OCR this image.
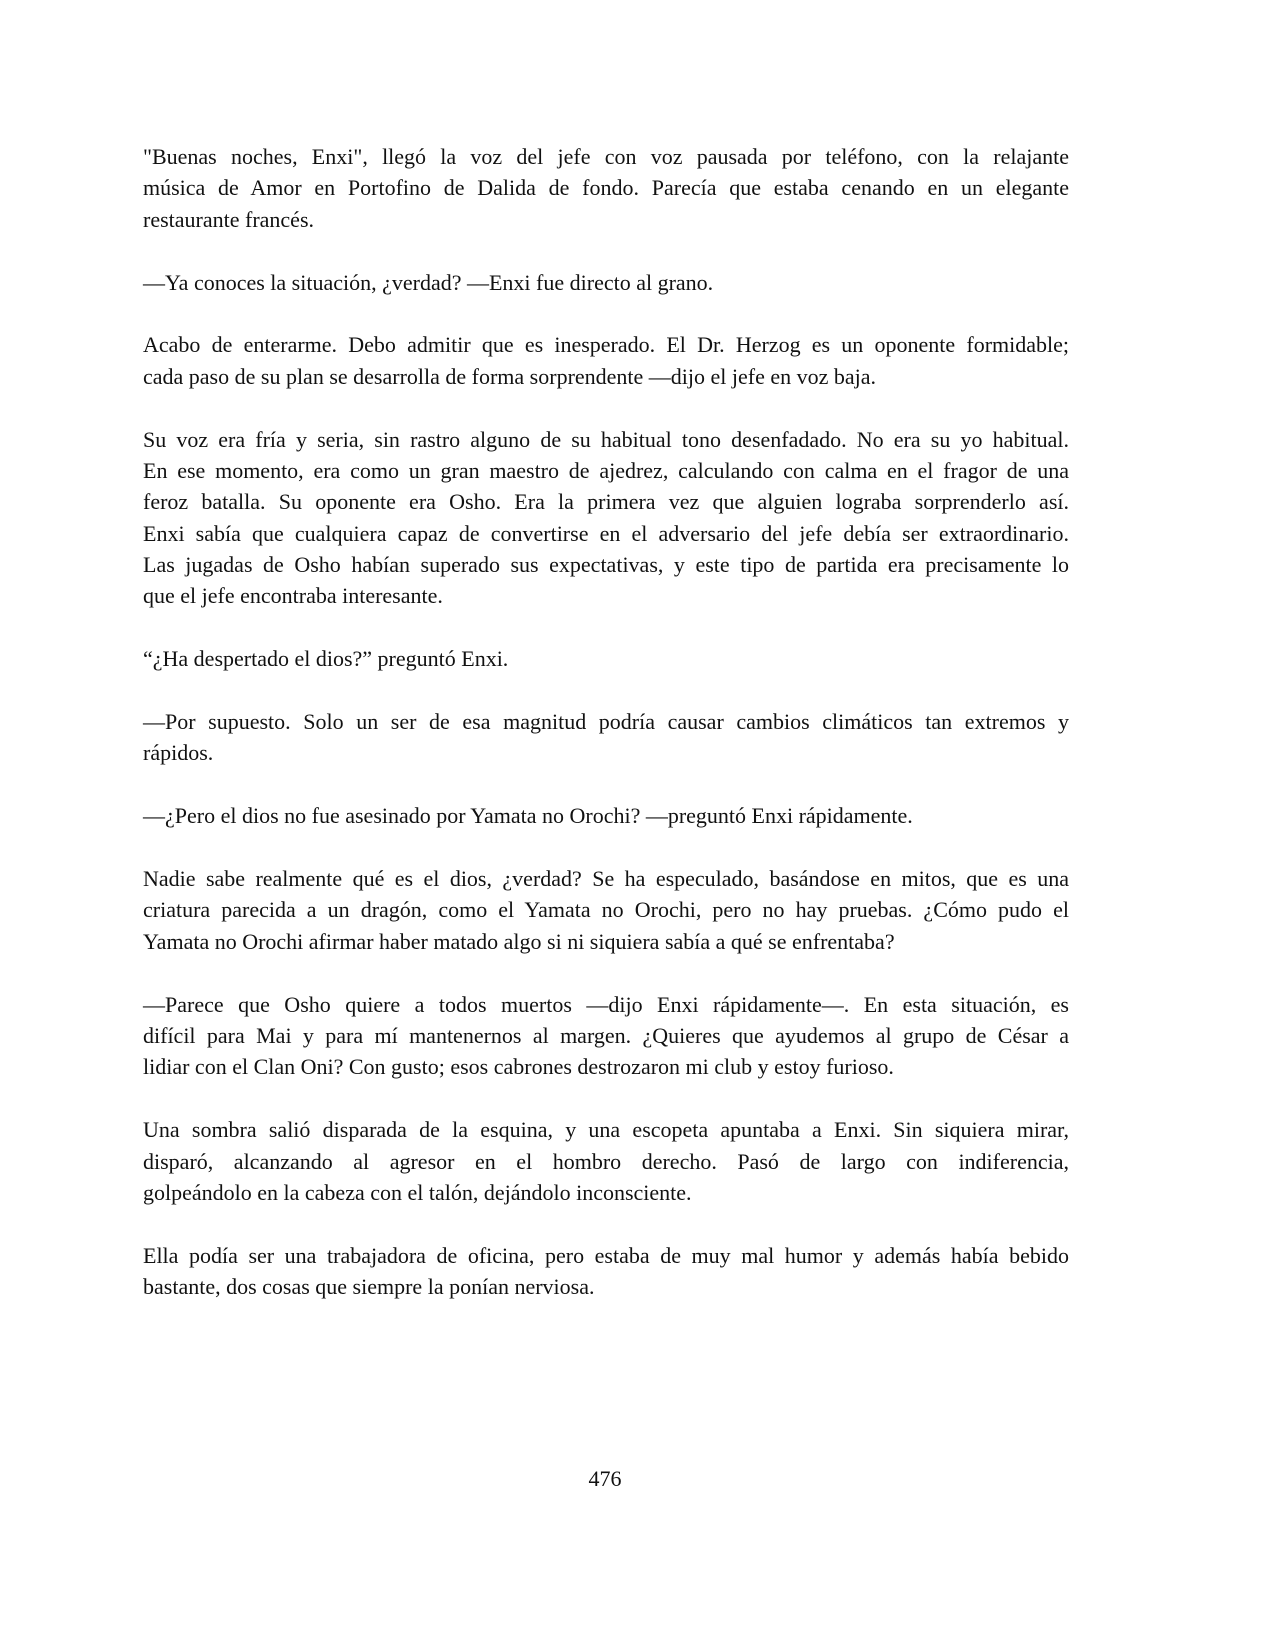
"Buenas noches, Enxi", llegó la voz del jefe con voz pausada por teléfono, con la relajante
música de Amor en Portofino de Dalida de fondo. Parecía que estaba cenando en un elegante
restaurante francés.
—Ya conoces la situación, ¿verdad? —Enxi fue directo al grano.
Acabo de enterarme. Debo admitir que es inesperado. El Dr. Herzog es un oponente formidable;
cada paso de su plan se desarrolla de forma sorprendente —dijo el jefe en voz baja.
Su voz era fría y seria, sin rastro alguno de su habitual tono desenfadado. No era su yo habitual.
En ese momento, era como un gran maestro de ajedrez, calculando con calma en el fragor de una
feroz batalla. Su oponente era Osho. Era la primera vez que alguien lograba sorprenderlo así.
Enxi sabía que cualquiera capaz de convertirse en el adversario del jefe debía ser extraordinario.
Las jugadas de Osho habían superado sus expectativas, y este tipo de partida era precisamente lo
que el jefe encontraba interesante.
“¿Ha despertado el dios?” preguntó Enxi.
—Por supuesto. Solo un ser de esa magnitud podría causar cambios climáticos tan extremos y
rápidos.
—¿Pero el dios no fue asesinado por Yamata no Orochi? —preguntó Enxi rápidamente.
Nadie sabe realmente qué es el dios, ¿verdad? Se ha especulado, basándose en mitos, que es una
criatura parecida a un dragón, como el Yamata no Orochi, pero no hay pruebas. ¿Cómo pudo el
Yamata no Orochi afirmar haber matado algo si ni siquiera sabía a qué se enfrentaba?
—Parece que Osho quiere a todos muertos —dijo Enxi rápidamente—. En esta situación, es
difícil para Mai y para mí mantenernos al margen. ¿Quieres que ayudemos al grupo de César a
lidiar con el Clan Oni? Con gusto; esos cabrones destrozaron mi club y estoy furioso.
Una sombra salió disparada de la esquina, y una escopeta apuntaba a Enxi. Sin siquiera mirar,
disparó, alcanzando al agresor en el hombro derecho. Pasó de largo con indiferencia,
golpeándolo en la cabeza con el talón, dejándolo inconsciente.
Ella podía ser una trabajadora de oficina, pero estaba de muy mal humor y además había bebido
bastante, dos cosas que siempre la ponían nerviosa.
476
